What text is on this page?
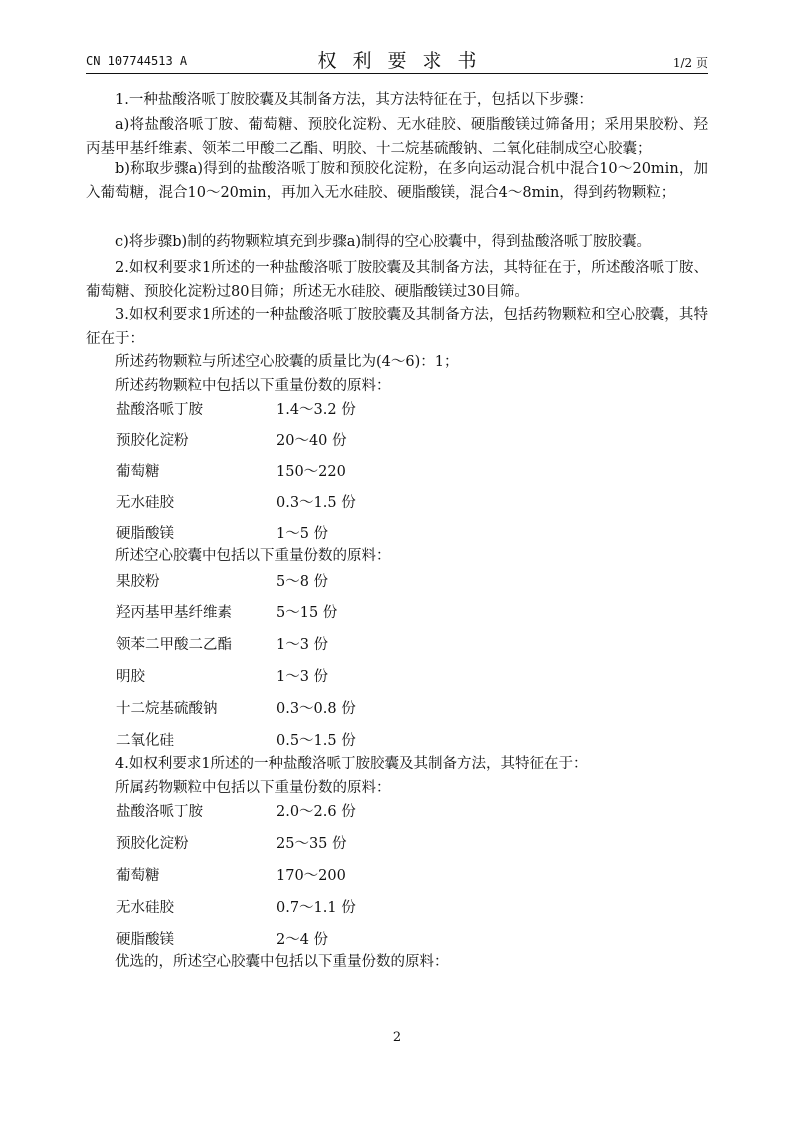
CN 107744513 A	权利要求书	1/2 页

1.一种盐酸洛哌丁胺胶囊及其制备方法，其方法特征在于，包括以下步骤：

a)将盐酸洛哌丁胺、葡萄糖、预胶化淀粉、无水硅胶、硬脂酸镁过筛备用；采用果胶粉、羟丙基甲基纤维素、领苯二甲酸二乙酯、明胶、十二烷基硫酸钠、二氧化硅制成空心胶囊；

b)称取步骤a)得到的盐酸洛哌丁胺和预胶化淀粉，在多向运动混合机中混合10～20min，加入葡萄糖，混合10～20min，再加入无水硅胶、硬脂酸镁，混合4～8min，得到药物颗粒；

c)将步骤b)制的药物颗粒填充到步骤a)制得的空心胶囊中，得到盐酸洛哌丁胺胶囊。

2.如权利要求1所述的一种盐酸洛哌丁胺胶囊及其制备方法，其特征在于，所述酸洛哌丁胺、葡萄糖、预胶化淀粉过80目筛；所述无水硅胶、硬脂酸镁过30目筛。

3.如权利要求1所述的一种盐酸洛哌丁胺胶囊及其制备方法，包括药物颗粒和空心胶囊，其特征在于：

所述药物颗粒与所述空心胶囊的质量比为(4～6)：1；

所述药物颗粒中包括以下重量份数的原料：

盐酸洛哌丁胺	1.4～3.2 份
预胶化淀粉	20～40 份
葡萄糖	150～220
无水硅胶	0.3～1.5 份
硬脂酸镁	1～5 份

所述空心胶囊中包括以下重量份数的原料：

果胶粉	5～8 份
羟丙基甲基纤维素	5～15 份
领苯二甲酸二乙酯	1～3 份
明胶	1～3 份
十二烷基硫酸钠	0.3～0.8 份
二氧化硅	0.5～1.5 份

4.如权利要求1所述的一种盐酸洛哌丁胺胶囊及其制备方法，其特征在于：

所属药物颗粒中包括以下重量份数的原料：

盐酸洛哌丁胺	2.0～2.6 份
预胶化淀粉	25～35 份
葡萄糖	170～200
无水硅胶	0.7～1.1 份
硬脂酸镁	2～4 份

优选的，所述空心胶囊中包括以下重量份数的原料：

2
